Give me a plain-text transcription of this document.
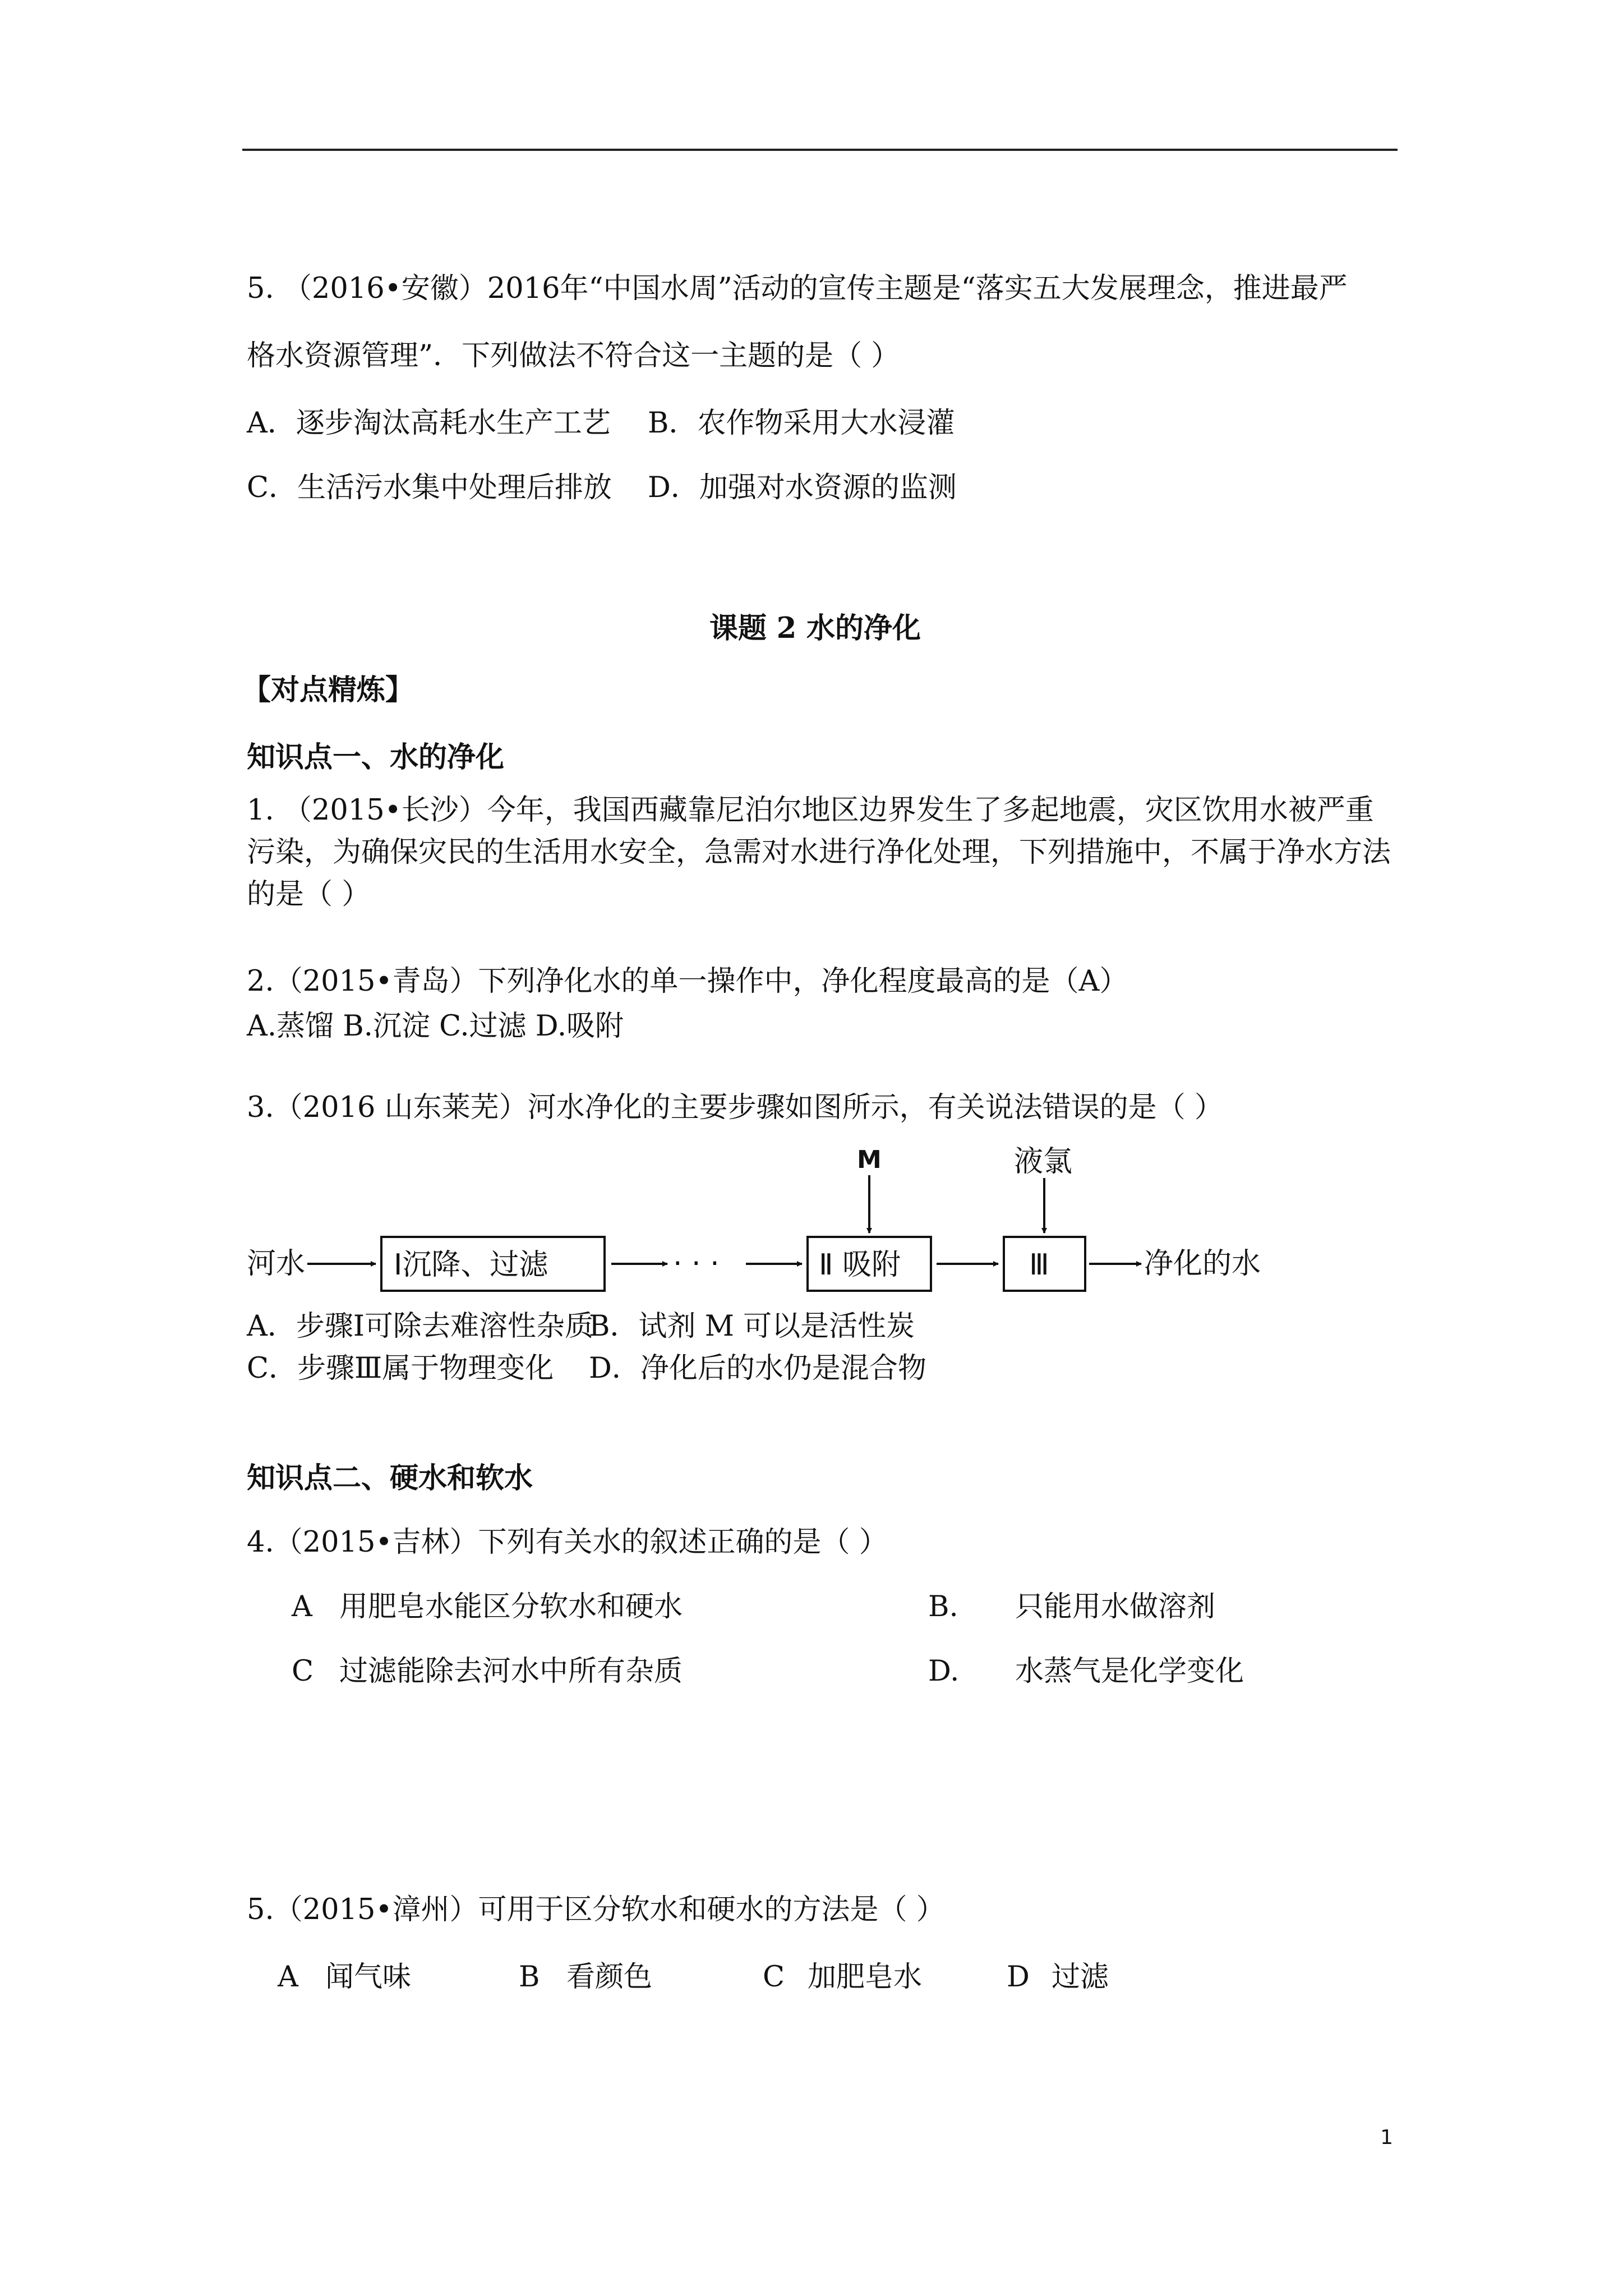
5. （2016•安徽）2016年“中国水周”活动的宣传主题是“落实五大发展理念，推进最严
格水资源管理”．下列做法不符合这一主题的是（ ）
A．逐步淘汰高耗水生产工艺 B．农作物采用大水浸灌
C．生活污水集中处理后排放 D．加强对水资源的监测
课题 2 水的净化
【对点精炼】
知识点一、水的净化
1. （2015•长沙）今年，我国西藏靠尼泊尔地区边界发生了多起地震，灾区饮用水被严重
污染，为确保灾民的生活用水安全，急需对水进行净化处理，下列措施中，不属于净水方法
的是（ ）
2.（2015•青岛）下列净化水的单一操作中，净化程度最高的是（A）
A.蒸馏 B.沉淀 C.过滤 D.吸附
3.（2016 山东莱芜）河水净化的主要步骤如图所示，有关说法错误的是（ ）
河水	Ⅰ沉降、过滤	· · ·	Ⅱ 吸附	Ⅲ	净化的水
M	液氯
A．步骤Ⅰ可除去难溶性杂质
B．试剂 M 可以是活性炭
C．步骤Ⅲ属于物理变化 D．净化后的水仍是混合物
知识点二、硬水和软水
4.（2015•吉林）下列有关水的叙述正确的是（ ）
A 用肥皂水能区分软水和硬水	B. 只能用水做溶剂
C 过滤能除去河水中所有杂质	D. 水蒸气是化学变化
5.（2015•漳州）可用于区分软水和硬水的方法是（ ）
A 闻气味	B 看颜色	C 加肥皂水	D 过滤
1
